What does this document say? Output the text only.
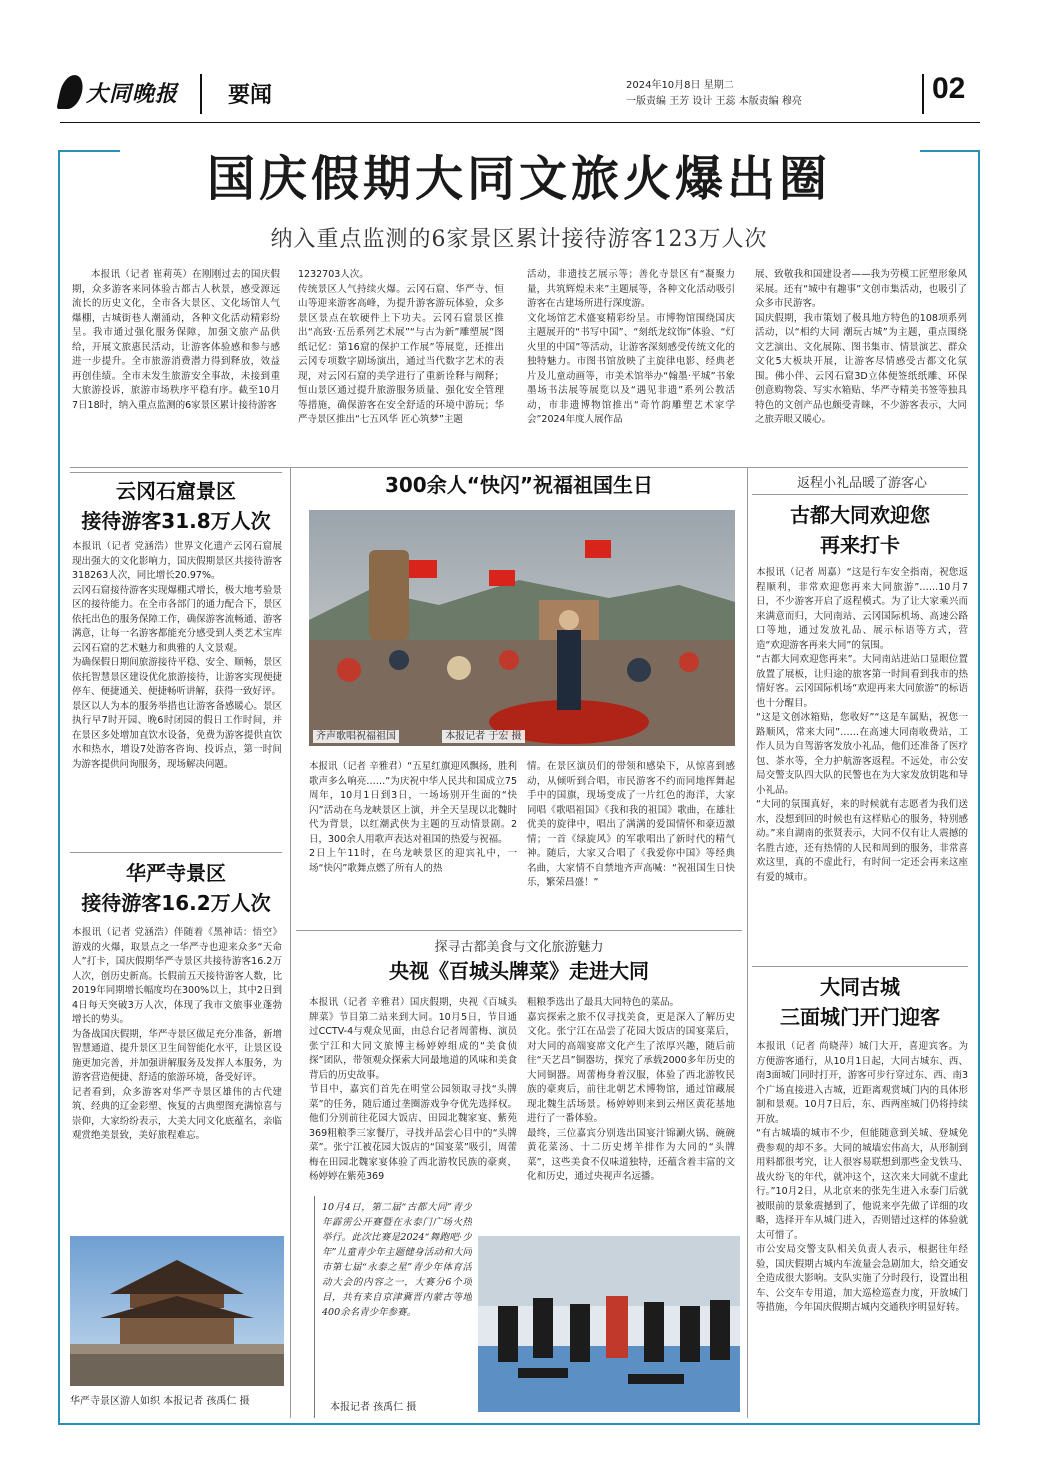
大同晚报 要闻	2024年10月8日 星期二
一版责编 王芳 设计 王蕊 本版责编 穆亮	02
国庆假期大同文旅火爆出圈
纳入重点监测的6家景区累计接待游客123万人次

本报讯（记者 崔莉英）在刚刚过去的国庆假期，众多游客来同体验古都古人秋景，感受源远流长的历史文化，全市各大景区、文化场馆人气爆棚，古城街巷人潮涌动，各种文化活动精彩纷呈。我市通过强化服务保障，加强文旅产品供给，开展文旅惠民活动，让游客体验感和参与感进一步提升。全市旅游消费潜力得到释放，效益再创佳绩。全市未发生旅游安全事故，未接到重大旅游投诉，旅游市场秩序平稳有序。截至10月7日18时，纳入重点监测的6家景区累计接待游客

1232703人次。
传统景区人气持续火爆。云冈石窟、华严寺、恒山等迎来游客高峰，为提升游客游玩体验，众多景区景点在软硬件上下功夫。云冈石窟景区推出“高致·五岳系列艺术展”“与古为新”雕塑展”图纸记忆：第16窟的保护工作展”等展览，还推出云冈专项数字剧场演出，通过当代数字艺术的表现，对云冈石窟的美学进行了重新诠释与阐释；恒山景区通过提升旅游服务质量、强化安全管理等措施，确保游客在安全舒适的环境中游玩；华严寺景区推出“七五风华 匠心筑梦”主题
活动，非遗技艺展示等；善化寺景区有“凝聚力量，共筑辉煌未来”主题展等，各种文化活动吸引游客在古建场所进行深度游。
文化场馆艺术盛宴精彩纷呈。市博物馆围绕国庆主题展开的“书写中国”、“刻纸龙纹饰”体验、“灯火里的中国”等活动，让游客深刻感受传统文化的独特魅力。市图书馆放映了主旋律电影、经典老片及儿童动画等，市美术馆举办“翰墨·平城”书象墨场书法展等展览以及“遇见非遗”系列公教活动，市非遗博物馆推出“奇竹韵雕塑艺术家学会”2024年度人展作品
展、致敬我和国建设者——我为劳模工匠塑形象风采展。还有“城中有趣事”文创市集活动，也吸引了众多市民游客。
国庆假期，我市策划了极具地方特色的108项系列活动，以“相约大同 潮玩古城”为主题，重点围绕文艺演出、文化展陈、图书集市、情景演艺、群众文化5大板块开展，让游客尽情感受古都文化氛围。佛小伴、云冈石窟3D立体便签纸纸雕、环保创意购物袋、写实水箱贴、华严寺精美书签等独具特色的文创产品也颇受青睐，不少游客表示，大同之旅弄眼又暖心。
云冈石窟景区
接待游客31.8万人次
本报讯（记者 党涵浩）世界文化遗产云冈石窟展现出强大的文化影响力，国庆假期景区共接待游客318263人次，同比增长20.97%。
云冈石窟接待游客实现爆棚式增长，极大地考验景区的接待能力。在全市各部门的通力配合下，景区依托出色的服务保障工作，确保游客流畅通、游客满意，让每一名游客都能充分感受到人类艺术宝库云冈石窟的艺术魅力和典雅的人文景观。
为确保假日期间旅游接待平稳、安全、顺畅，景区依托智慧景区建设优化旅游接待，让游客实现便捷停车、便捷通关、便捷畅听讲解，获得一致好评。
景区以人为本的服务举措也让游客备感暖心。景区执行早7时开园、晚6时闭园的假日工作时间，并在景区多处增加直饮水设备，免费为游客提供直饮水和热水，增设7处游客咨询、投诉点，第一时间为游客提供问询服务，现场解决问题。
华严寺景区
接待游客16.2万人次
本报讯（记者 党涵浩）伴随着《黑神话：悟空》游戏的火爆，取景点之一华严寺也迎来众多“天命人”打卡，国庆假期华严寺景区共接待游客16.2万人次，创历史新高。长假前五天接待游客人数，比2019年同期增长幅度均在300%以上，其中2日到4日每天突破3万人次，体现了我市文旅事业蓬勃增长的势头。
为备战国庆假期，华严寺景区做足充分准备，新增智慧通道、提升景区卫生间智能化水平，让景区设施更加完善，并加强讲解服务及发挥人本服务，为游客营造便捷、舒适的旅游环境，备受好评。
记者看到，众多游客对华严寺景区雄伟的古代建筑、经典的辽金彩塑、恢复的古典塑图充满惊喜与崇仰，大家纷纷表示，大美大同文化底蕴名，亲临观赏绝美景致，美好旅程难忘。
华严寺景区游人如织 本报记者 孩禹仁 摄
300余人“快闪”祝福祖国生日
齐声歌唱祝福祖国	本报记者 于宏 摄
本报讯（记者 辛雅君）“五星红旗迎风飘扬，胜利歌声多么响亮……”为庆祝中华人民共和国成立75周年，10月1日到3日，一场场别开生面的“快闪”活动在乌龙峡景区上演，并全天呈现以北魏时代为背景，以红潮武侠为主题的互动情景剧。2日，300余人用歌声表达对祖国的热爱与祝福。
2日上午11时，在乌龙峡景区的迎宾礼中，一场“快闪”歌舞点燃了所有人的热
情。在景区演员们的带领和感染下，从惊喜到感动，从倾听到合唱，市民游客不约而同地挥舞起手中的国旗，现场变成了一片红色的海洋，大家同唱《歌唱祖国》《我和我的祖国》歌曲，在雄壮优美的旋律中，唱出了满满的爱国情怀和豪迈激情；一首《绿旋风》的军歌唱出了新时代的精气神。随后，大家又合唱了《我爱你中国》等经典名曲，大家情不自禁地齐声高喊：“祝祖国生日快乐，繁荣昌盛！”
探寻古都美食与文化旅游魅力
央视《百城头牌菜》走进大同
本报讯（记者 辛雅君）国庆假期，央视《百城头牌菜》节目第二站来到大同。10月5日，节目通过CCTV-4与观众见面，由总台记者周蕾梅、演员张宁江和大同文旅博主杨婷婷组成的“美食侦探”团队，带领观众探索大同最地道的风味和美食背后的历史故事。
节目中，嘉宾们首先在明堂公园领取寻找“头牌菜”的任务，随后通过垄圈游戏争夺优先选择权。他们分别前往花园大饭店、田园北魏家宴、紫苑369粗粮季三家餐厅，寻找并品尝心目中的“头牌菜”。张宁江被花园大饭店的“国宴菜”吸引，周蕾梅在田园北魏家宴体验了西北游牧民族的豪爽，杨婷婷在紫苑369
粗粮季选出了最具大同特色的菜品。
嘉宾探索之旅不仅寻找美食，更是深入了解历史文化。张宁江在品尝了花园大饭店的国宴菜后，对大同的高端宴席文化产生了浓厚兴趣，随后前往“天艺昌”铜器坊，探究了承载2000多年历史的大同铜器。周蕾梅身着汉服，体验了西北游牧民族的豪爽后，前往北朝艺术博物馆，通过馆藏展现北魏生活场景。杨婷婷则来到云州区黄花基地进行了一番体验。
最终，三位嘉宾分别选出国宴汁锦涮火锅、碗碗黄花菜汤、十二历史烤羊排作为大同的“头牌菜”，这些美食不仅味道独特，还蕴含着丰富的文化和历史，通过央视声名远播。
10月4日，第二届“古都大同”青少年霹雳公开赛暨在永泰门广场火热举行。此次比赛是2024“舞跑吧·少年”儿童青少年主题健身活动和大同市第七届“永泰之星”青少年体育活动大会的内容之一，大赛分6个项目，共有来自京津冀晋内蒙古等地400余名青少年参赛。
本报记者 孩禹仁 摄
返程小礼品暖了游客心
古都大同欢迎您
再来打卡
本报讯（记者 周嘉）“这是行车安全指南，祝您返程顺利，非常欢迎您再来大同旅游”……10月7日，不少游客开启了返程模式。为了让大家乘兴而来满意而归，大同南站、云冈国际机场、高速公路口等地，通过发放礼品、展示标语等方式，营造“欢迎游客再来大同”的氛围。
“古都大同欢迎您再来”。大同南站进站口显眼位置放置了展板，让归途的旅客第一时间看到我市的热情好客。云冈国际机场“欢迎再来大同旅游”的标语也十分醒目。
“这是文创冰箱贴，您收好”“这是车属贴，祝您一路顺风，常来大同”……在高速大同南收费站，工作人员为自驾游客发放小礼品，他们还准备了医疗包、茶水等，全力护航游客返程。不远处，市公安局交警支队四大队的民警也在为大家发放钥匙和导小礼品。
“大同的氛围真好，来的时候就有志愿者为我们送水，没想到回的时候也有这样贴心的服务，特别感动。”来自湖南的张贤表示，大同不仅有让人震撼的名胜古迹，还有热情的人民和周到的服务，非常喜欢这里，真的不虚此行，有时间一定还会再来这座有爱的城市。
大同古城
三面城门开门迎客
本报讯（记者 尚晓萍）城门大开，喜迎宾客。为方便游客通行，从10月1日起，大同古城东、西、南3面城门同时打开，游客可步行穿过东、西、南3个广场直接进入古城，近距离观赏城门内的具体形制和景观。10月7日后，东、西两座城门仍将持续开放。
“有古城墙的城市不少，但能随意到关城、登城免费参观的却不多。大同的城墙宏伟高大，从形制到用料都很考究，让人很容易联想到那些金戈铁马、战火纷飞的年代，就冲这个，这次来大同就不虚此行。”10月2日，从北京来的张先生进入永泰门后就被眼前的景象震撼到了，他说来亭先做了详细的攻略，选择开车从城门进入，否则错过这样的体验就太可惜了。
市公安局交警支队相关负责人表示，根据往年经验，国庆假期古城内车流量会急剧加大，给交通安全造成很大影响。支队实施了分时段行，设置出租车、公交车专用道，加大巡检巡查力度，开放城门等措施，今年国庆假期古城内交通秩序明显好转。
